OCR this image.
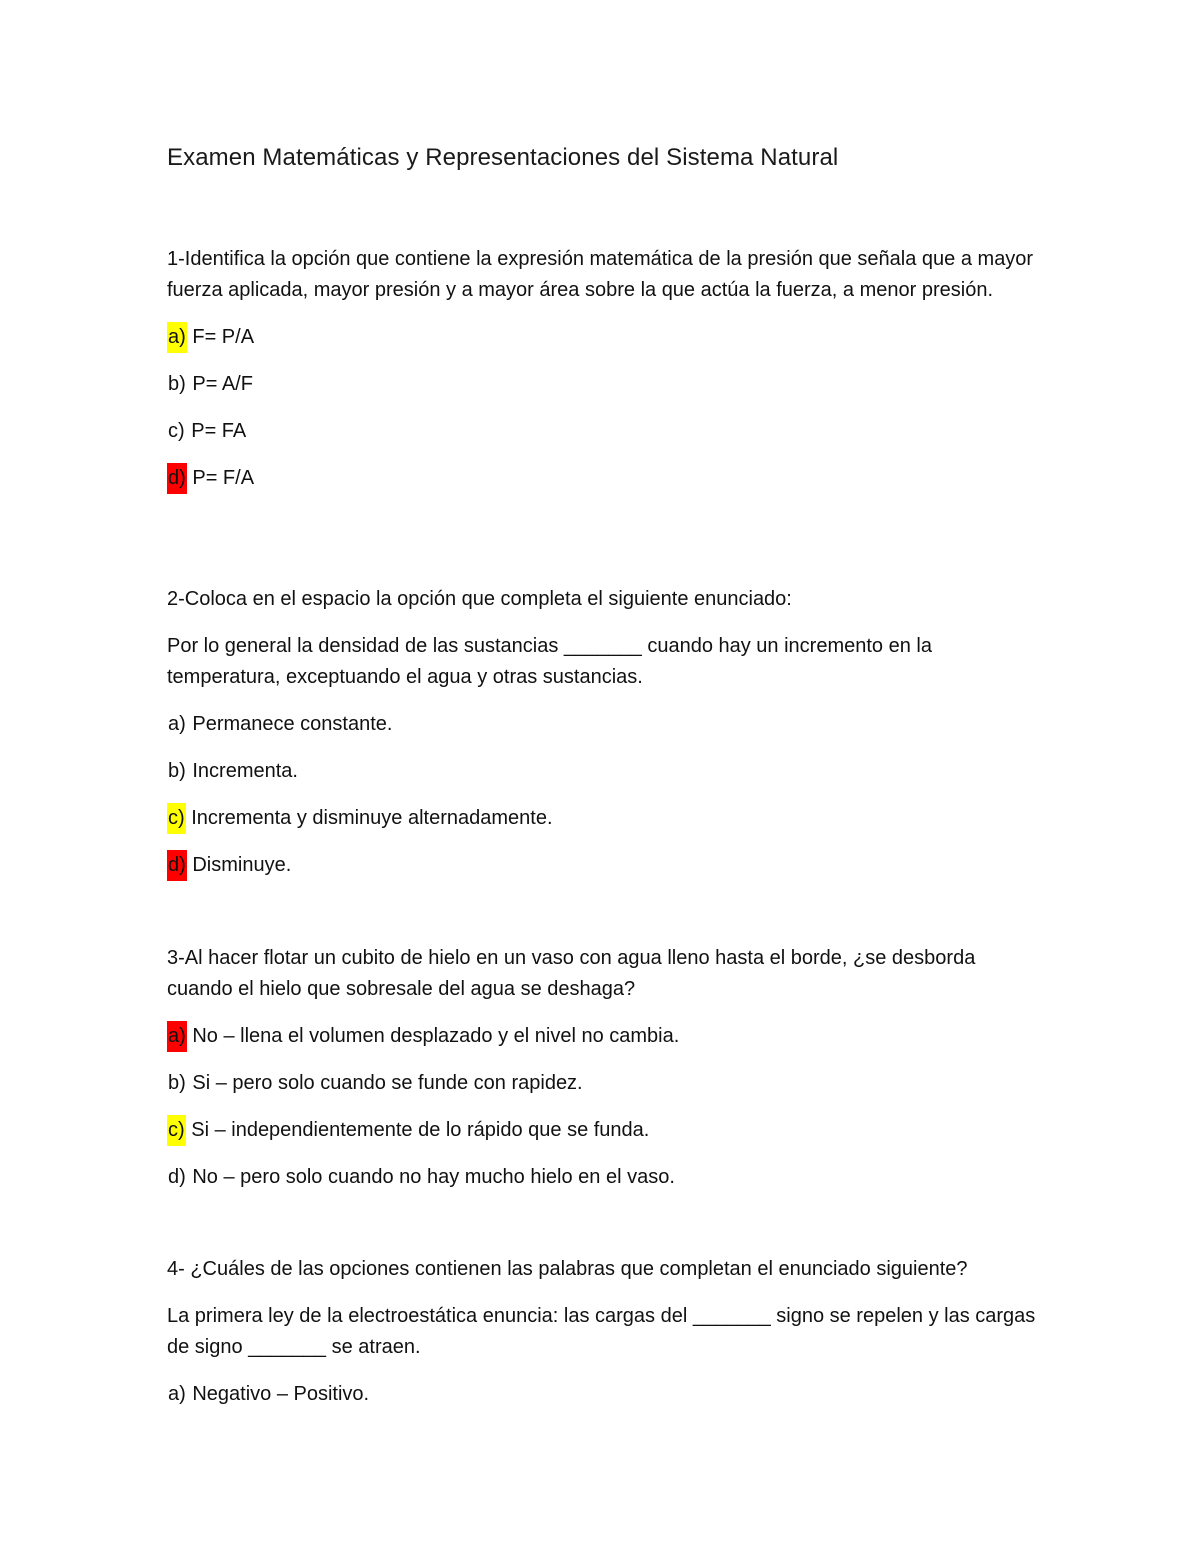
Examen Matemáticas y Representaciones del Sistema Natural

1-Identifica la opción que contiene la expresión matemática de la presión que señala que a mayor fuerza aplicada, mayor presión y a mayor área sobre la que actúa la fuerza, a menor presión.

a) F= P/A

b) P= A/F

c) P= FA

d) P= F/A

2-Coloca en el espacio la opción que completa el siguiente enunciado:

Por lo general la densidad de las sustancias _______ cuando hay un incremento en la temperatura, exceptuando el agua y otras sustancias.

a) Permanece constante.

b) Incrementa.

c) Incrementa y disminuye alternadamente.

d) Disminuye.

3-Al hacer flotar un cubito de hielo en un vaso con agua lleno hasta el borde, ¿se desborda cuando el hielo que sobresale del agua se deshaga?

a) No – llena el volumen desplazado y el nivel no cambia.

b) Si – pero solo cuando se funde con rapidez.

c) Si – independientemente de lo rápido que se funda.

d) No – pero solo cuando no hay mucho hielo en el vaso.

4- ¿Cuáles de las opciones contienen las palabras que completan el enunciado siguiente?

La primera ley de la electroestática enuncia: las cargas del _______ signo se repelen y las cargas de signo _______ se atraen.

a) Negativo – Positivo.
